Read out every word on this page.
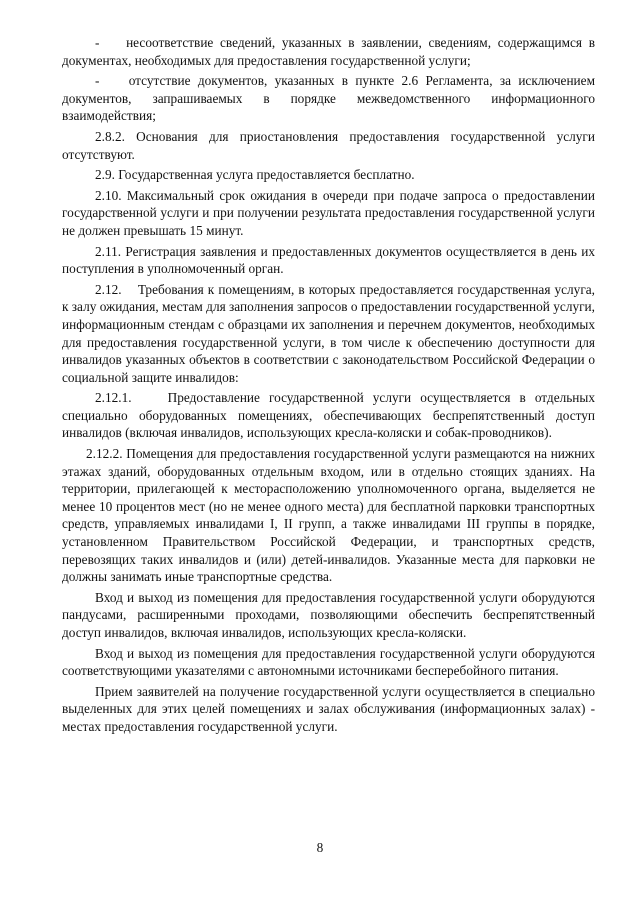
-    несоответствие сведений, указанных в заявлении, сведениям, содержащимся в документах, необходимых для предоставления государственной услуги;

-    отсутствие документов, указанных в пункте 2.6 Регламента, за исключением документов, запрашиваемых в порядке межведомственного информационного взаимодействия;

2.8.2. Основания для приостановления предоставления государственной услуги отсутствуют.

2.9. Государственная услуга предоставляется бесплатно.

2.10. Максимальный срок ожидания в очереди при подаче запроса о предоставлении государственной услуги и при получении результата предоставления государственной услуги не должен превышать 15 минут.

2.11. Регистрация заявления и предоставленных документов осуществляется в день их поступления в уполномоченный орган.

2.12.    Требования к помещениям, в которых предоставляется государственная услуга, к залу ожидания, местам для заполнения запросов о предоставлении государственной услуги, информационным стендам с образцами их заполнения и перечнем документов, необходимых для предоставления государственной услуги, в том числе к обеспечению доступности для инвалидов указанных объектов в соответствии с законодательством Российской Федерации о социальной защите инвалидов:

2.12.1.    Предоставление государственной услуги осуществляется в отдельных специально оборудованных помещениях, обеспечивающих беспрепятственный доступ инвалидов (включая инвалидов, использующих кресла-коляски и собак-проводников).

2.12.2. Помещения для предоставления государственной услуги размещаются на нижних этажах зданий, оборудованных отдельным входом, или в отдельно стоящих зданиях. На территории, прилегающей к месторасположению уполномоченного органа, выделяется не менее 10 процентов мест (но не менее одного места) для бесплатной парковки транспортных средств, управляемых инвалидами I, II групп, а также инвалидами III группы в порядке, установленном Правительством Российской Федерации, и транспортных средств, перевозящих таких инвалидов и (или) детей-инвалидов. Указанные места для парковки не должны занимать иные транспортные средства.

Вход и выход из помещения для предоставления государственной услуги оборудуются пандусами, расширенными проходами, позволяющими обеспечить беспрепятственный доступ инвалидов, включая инвалидов, использующих кресла-коляски.

Вход и выход из помещения для предоставления государственной услуги оборудуются соответствующими указателями с автономными источниками бесперебойного питания.

Прием заявителей на получение государственной услуги осуществляется в специально выделенных для этих целей помещениях и залах обслуживания (информационных залах) - местах предоставления государственной услуги.

8
